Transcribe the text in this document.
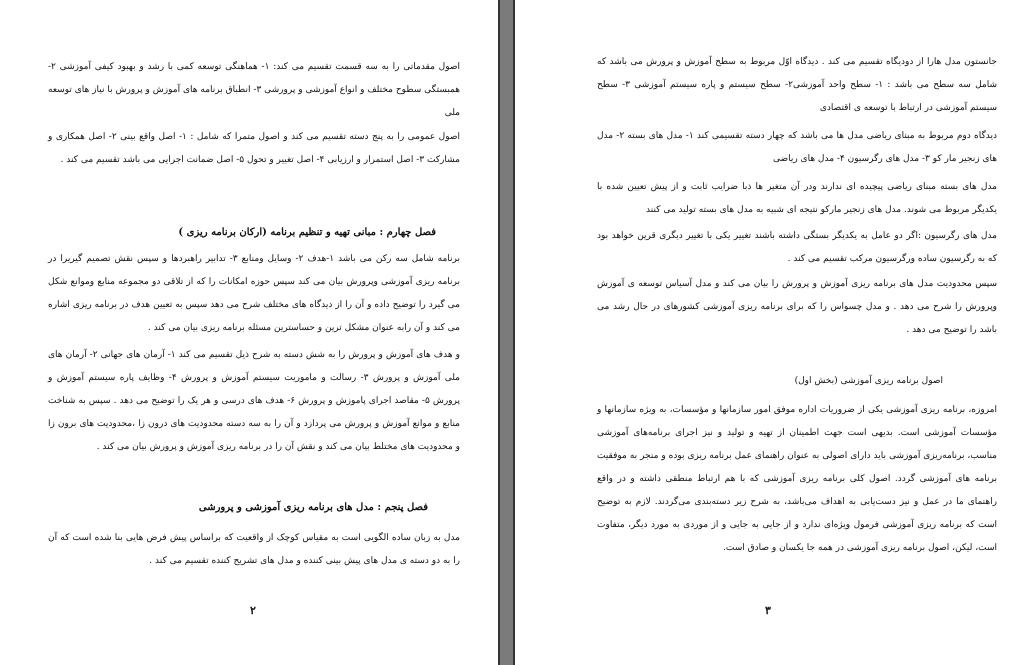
اصول مقدماتی را به سه قسمت تقسیم می کند: ۱- هماهنگی توسعه کمی با رشد و بهبود کیفی آموزشی ۲- همبستگی سطوح مختلف و انواع آموزشی و پرورشی ۳- انطباق برنامه های آموزش و پرورش با نیاز های توسعه ملی

اصول عمومی را به پنج دسته تقسیم می کند و اصول متمرا که شامل : ۱- اصل واقع بینی ۲- اصل همکاری و مشارکت ۳- اصل استمرار و ارزیابی ۴- اصل تغییر و تحول ۵- اصل ضمانت اجرایی می باشد تقسیم می کند .

فصل چهارم : مبانی تهیه و تنظیم برنامه (ارکان برنامه ریزی )

برنامه شامل سه رکن می باشد ۱-هدف ۲- وسایل ومنابع ۳- تدابیر راهبردها و سپس نقش تصمیم گیریرا در برنامه ریزی آموزشی وپرورش بیان می کند سپس حوزه امکانات را که از تلاقی دو مجموعه منابع وموانع شکل می گیرد را توضیح داده و آن را از دیدگاه های مختلف شرح می دهد سپس به تعیین هدف در برنامه ریزی اشاره می کند و آن رابه عنوان مشکل ترین و حساسترین مسئله برنامه ریزی بیان می کند .

و هدف های آموزش و پرورش را به شش دسته به شرح ذیل تقسیم می کند ۱- آرمان های جهانی ۲- آرمان های ملی آموزش و پرورش ۳- رسالت و ماموریت سیستم آموزش و پرورش ۴- وظایف پاره سیستم آموزش و پرورش ۵- مقاصد اجرای پاموزش و پرورش ۶- هدف های درسی و هر یک را توضیح می دهد . سپس به شناخت منابع و موانع آموزش و پرورش می پردازد و آن را به سه دسته محدودیت های درون زا ،محدودیت های برون زا و محدودیت های مختلط بیان می کند و نقش آن را در برنامه ریزی آموزش و پرورش بیان می کند .

فصل پنجم : مدل های برنامه ریزی آموزشی و پرورشی

مدل به زبان ساده الگویی است به مقیاس کوچک از واقعیت که براساس پیش فرض هایی بنا شده است که آن را به دو دسته ی مدل های پیش بینی کننده و مدل های تشریح کننده تقسیم می کند .

۲

جانستون مدل هارا از دودیگاه تقسیم می کند . دیدگاه اوّل مربوط به سطح آموزش و پرورش می باشد که شامل سه سطح می باشد : ۱- سطح واحد آموزشی۲- سطح سیستم و پاره سیستم آموزشی ۳- سطح سیستم آموزشی در ارتباط با توسعه ی اقتصادی

دیدگاه دوم مربوط به مبنای ریاضی مدل ها می باشد که چهار دسته تقسیمی کند ۱- مدل های بسته ۲- مدل های زنجیر مار کو ۳- مدل های رگرسیون ۴- مدل های ریاضی

مدل های بسته مبنای ریاضی پیچیده ای ندارند ودر آن متغیر ها ذبا ضرایب ثابت و از پیش تعیین شده با یکدیگر مربوط می شوند. مدل های زنجیر مارکو نتیجه ای شبیه به مدل های بسته تولید می کنند

مدل های رگرسیون :اگر دو عامل به یکدیگر بستگی داشته باشند تغییر یکی با تغییر دیگری قرین خواهد بود که به رگرسیون ساده ورگرسیون مرکب تقسیم می کند .

سپس محدودیت مدل های برنامه ریزی آموزش و پرورش را بیان می کند و مدل آسیاس توسعه ی آموزش وپرورش را شرح می دهد . و مدل چسواس را که برای برنامه ریزی آموزشی کشورهای در حال رشد می باشد را توضیح می دهد .

اصول برنامه ریزی آموزشی (بخش اول)

امروزه، برنامه ریزی آموزشی یکی از ضروریات اداره موفق امور سازمانها و مؤسسات، به ویژه سازمانها و مؤسسات آموزشی است. بدیهی است جهت اطمینان از تهیه و تولید و نیز اجرای برنامه‌های آموزشی مناسب، برنامه‌ریزی آموزشی باید دارای اصولی به عنوان راهنمای عمل برنامه ریزی بوده و منجر به موفقیت برنامه های آموزشی گردد. اصول کلی برنامه ریزی آموزشی که با هم ارتباط منطقی داشته و در واقع راهنمای ما در عمل و نیز دست‌یابی به اهداف می‌باشد، به شرح زیر دسته‌بندی می‌گردند. لازم به توضیح است که برنامه ریزی آموزشی فرمول ویژه‌ای ندارد و از جایی به جایی و از موردی به مورد دیگر، متفاوت است، لیکن، اصول برنامه ریزی آموزشی در همه جا یکسان و صادق است.

۳
